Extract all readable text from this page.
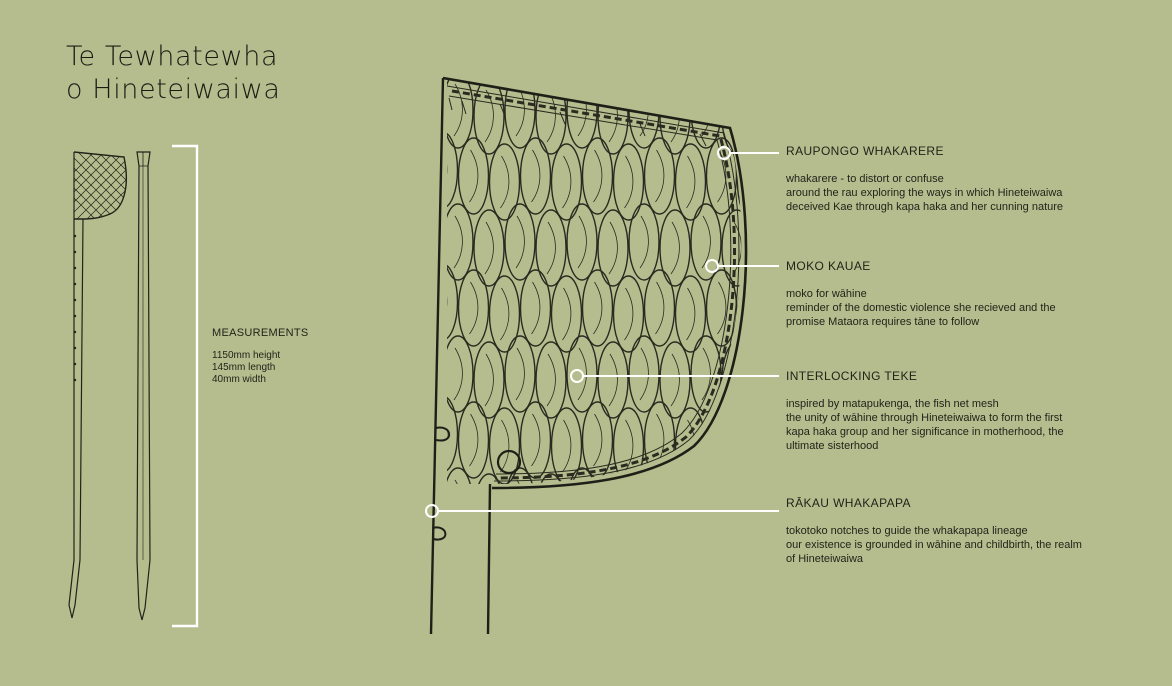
Te Tewhatewha
o Hineteiwaiwa
MEASUREMENTS
1150mm height
145mm length
40mm width
RAUPONGO WHAKARERE
whakarere - to distort or confuse
around the rau exploring the ways in which Hineteiwaiwa
deceived Kae through kapa haka and her cunning nature
MOKO KAUAE
moko for wāhine
reminder of the domestic violence she recieved and the
promise Mataora requires tāne to follow
INTERLOCKING TEKE
inspired by matapukenga, the fish net mesh
the unity of wāhine through Hineteiwaiwa to form the first
kapa haka group and her significance in motherhood, the
ultimate sisterhood
RĀKAU WHAKAPAPA
tokotoko notches to guide the whakapapa lineage
our existence is grounded in wāhine and childbirth, the realm
of Hineteiwaiwa
